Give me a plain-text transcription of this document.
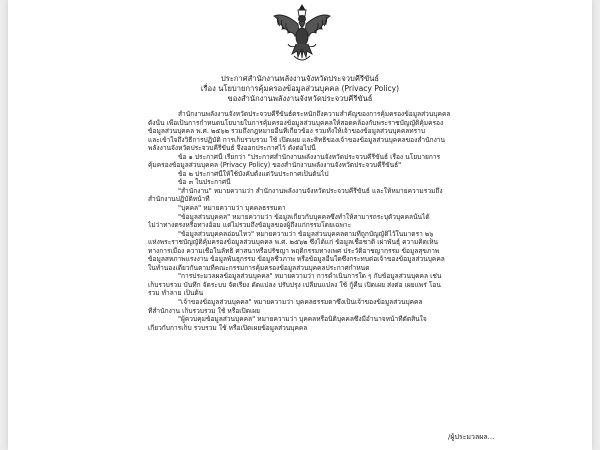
ประกาศสำนักงานพลังงานจังหวัดประจวบคีรีขันธ์
เรื่อง นโยบายการคุ้มครองข้อมูลส่วนบุคคล (Privacy Policy)
ของสำนักงานพลังงานจังหวัดประจวบคีรีขันธ์
สำนักงานพลังงานจังหวัดประจวบคีรีขันธ์ตระหนักถึงความสำคัญของการคุ้มครองข้อมูลส่วนบุคคล
ดังนั้น เพื่อเป็นการกำหนดนโยบายในการคุ้มครองข้อมูลส่วนบุคคลให้สอดคล้องกับพระราชบัญญัติคุ้มครอง
ข้อมูลส่วนบุคคล พ.ศ. ๒๕๖๒ รวมถึงกฎหมายอื่นที่เกี่ยวข้อง รวมทั้งให้เจ้าของข้อมูลส่วนบุคคลทราบ
และเข้าใจถึงวิธีการปฏิบัติ การเก็บรวบรวม ใช้ เปิดเผย และสิทธิของเจ้าของข้อมูลส่วนบุคคลของสำนักงาน
พลังงานจังหวัดประจวบคีรีขันธ์ จึงออกประกาศไว้ ดังต่อไปนี้
ข้อ ๑ ประกาศนี้ เรียกว่า "ประกาศสำนักงานพลังงานจังหวัดประจวบคีรีขันธ์ เรื่อง นโยบายการ
คุ้มครองข้อมูลส่วนบุคคล (Privacy Policy) ของสำนักงานพลังงานจังหวัดประจวบคีรีขันธ์"
ข้อ ๒ ประกาศนี้ให้ใช้บังคับตั้งแต่วันประกาศเป็นต้นไป
ข้อ ๓ ในประกาศนี้
"สำนักงาน" หมายความว่า สำนักงานพลังงานจังหวัดประจวบคีรีขันธ์ และให้หมายความรวมถึง
สำนักงานปฏิบัติหน้าที่
"บุคคล" หมายความว่า บุคคลธรรมดา
"ข้อมูลส่วนบุคคล" หมายความว่า ข้อมูลเกี่ยวกับบุคคลซึ่งทำให้สามารถระบุตัวบุคคลนั้นได้
ไม่ว่าทางตรงหรือทางอ้อม แต่ไม่รวมถึงข้อมูลของผู้ถึงแก่กรรมโดยเฉพาะ
"ข้อมูลส่วนบุคคลอ่อนไหว" หมายความว่า ข้อมูลส่วนบุคคลตามที่ถูกบัญญัติไว้ในมาตรา ๒๖
แห่งพระราชบัญญัติคุ้มครองข้อมูลส่วนบุคคล พ.ศ. ๒๕๖๒ ซึ่งได้แก่ ข้อมูลเชื้อชาติ เผ่าพันธุ์ ความคิดเห็น
ทางการเมือง ความเชื่อในลัทธิ ศาสนาหรือปรัชญา พฤติกรรมทางเพศ ประวัติอาชญากรรม ข้อมูลสุขภาพ
ข้อมูลสหภาพแรงงาน ข้อมูลพันธุกรรม ข้อมูลชีวภาพ หรือข้อมูลอื่นใดซึ่งกระทบต่อเจ้าของข้อมูลส่วนบุคคล
ในทำนองเดียวกันตามที่คณะกรรมการคุ้มครองข้อมูลส่วนบุคคลประกาศกำหนด
"การประมวลผลข้อมูลส่วนบุคคล" หมายความว่า การดำเนินการใด ๆ กับข้อมูลส่วนบุคคล เช่น
เก็บรวบรวม บันทึก จัดระบบ จัดเรียง ดัดแปลง ปรับปรุง เปลี่ยนแปลง ใช้ กู้คืน เปิดเผย ส่งต่อ เผยแพร่ โอน
รวม ทำลาย เป็นต้น
"เจ้าของข้อมูลส่วนบุคคล" หมายความว่า บุคคลธรรมดาซึ่งเป็นเจ้าของข้อมูลส่วนบุคคล
ที่สำนักงาน เก็บรวบรวม ใช้ หรือเปิดเผย
"ผู้ควบคุมข้อมูลส่วนบุคคล" หมายความว่า บุคคลหรือนิติบุคคลซึ่งมีอำนาจหน้าที่ตัดสินใจ
เกี่ยวกับการเก็บ รวบรวม ใช้ หรือเปิดเผยข้อมูลส่วนบุคคล
/ผู้ประมวลผล...
